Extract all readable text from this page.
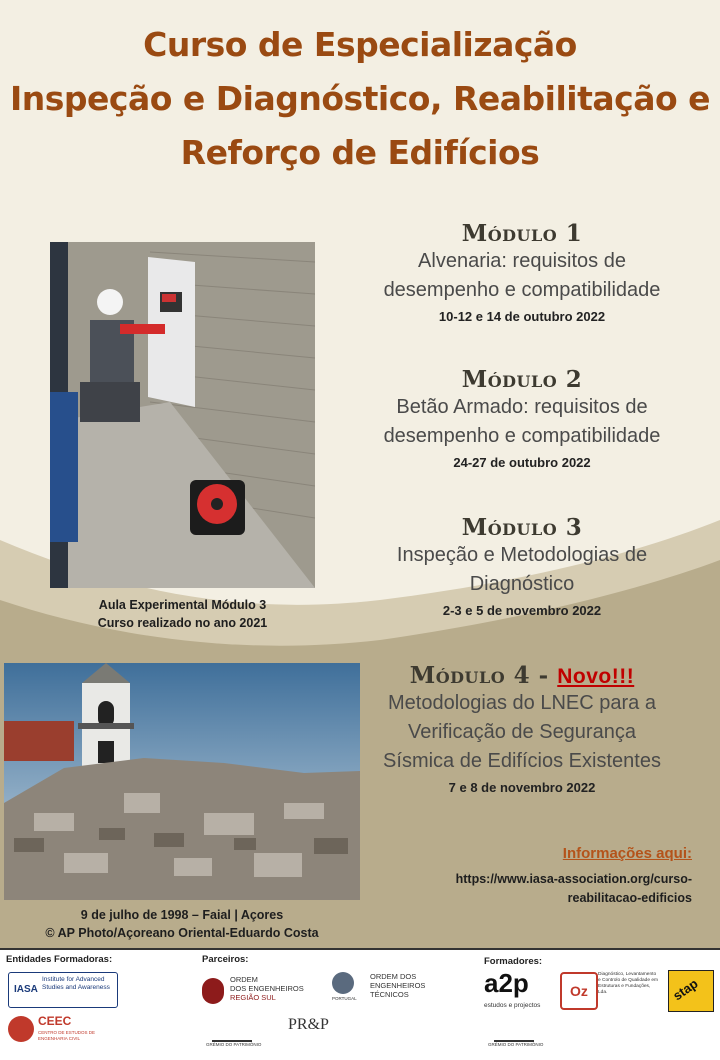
Curso de Especialização
Inspeção e Diagnóstico, Reabilitação e
Reforço de Edifícios
Aula Experimental Módulo 3
Curso realizado no ano 2021
9 de julho de 1998 – Faial | Açores
© AP Photo/Açoreano Oriental-Eduardo Costa
Módulo 1
Alvenaria: requisitos de
desempenho e compatibilidade
10-12 e 14 de outubro 2022
Módulo 2
Betão Armado: requisitos de
desempenho e compatibilidade
24-27 de outubro 2022
Módulo 3
Inspeção e Metodologias de
Diagnóstico
2-3 e 5 de novembro 2022
Módulo 4 - Novo!!!
Metodologias do LNEC para a
Verificação de Segurança
Sísmica de Edifícios Existentes
7 e 8 de novembro 2022
Informações aqui:
https://www.iasa-association.org/curso-
reabilitacao-edificios
Entidades Formadoras:	Parceiros:	Formadores:
IASA
Institute for Advanced Studies and Awareness
CEEC
CENTRO DE ESTUDOS DE ENGENHARIA CIVIL
ORDEM
DOS ENGENHEIROS
REGIÃO SUL	PORTUGAL
ORDEM DOS
ENGENHEIROS
TÉCNICOS
GRÉMIO DO PATRIMÓNIO
PR&P
a2p
estudos e projectos
GRÉMIO DO PATRIMÓNIO
Oz
Diagnóstico, Levantamento e Controlo de Qualidade em Estruturas e Fundações, Lda.	stap
